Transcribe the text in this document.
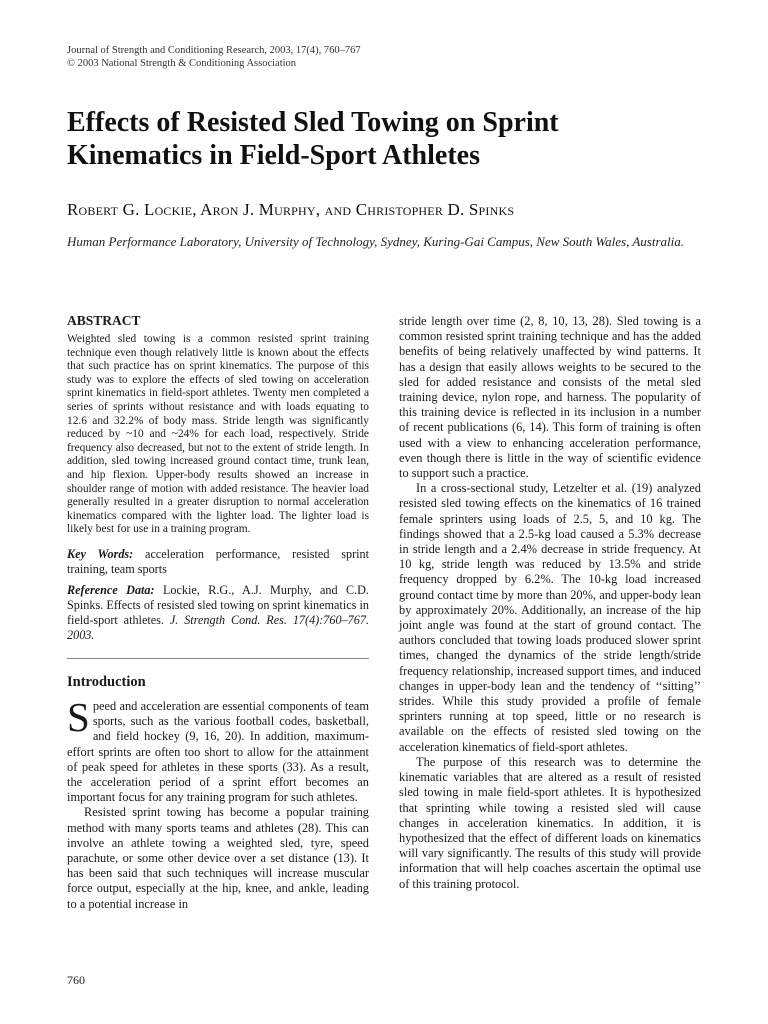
Journal of Strength and Conditioning Research, 2003, 17(4), 760–767
© 2003 National Strength & Conditioning Association
Effects of Resisted Sled Towing on Sprint
Kinematics in Field-Sport Athletes
Robert G. Lockie, Aron J. Murphy, and Christopher D. Spinks
Human Performance Laboratory, University of Technology, Sydney, Kuring-Gai Campus, New South Wales, Australia.
ABSTRACT

Weighted sled towing is a common resisted sprint training technique even though relatively little is known about the effects that such practice has on sprint kinematics. The purpose of this study was to explore the effects of sled towing on acceleration sprint kinematics in field-sport athletes. Twenty men completed a series of sprints without resistance and with loads equating to 12.6 and 32.2% of body mass. Stride length was significantly reduced by ~10 and ~24% for each load, respectively. Stride frequency also decreased, but not to the extent of stride length. In addition, sled towing increased ground contact time, trunk lean, and hip flexion. Upper-body results showed an increase in shoulder range of motion with added resistance. The heavier load generally resulted in a greater disruption to normal acceleration kinematics compared with the lighter load. The lighter load is likely best for use in a training program.

Key Words: acceleration performance, resisted sprint training, team sports

Reference Data: Lockie, R.G., A.J. Murphy, and C.D. Spinks. Effects of resisted sled towing on sprint kinematics in field-sport athletes. J. Strength Cond. Res. 17(4):760–767. 2003.

Introduction

Speed and acceleration are essential components of team sports, such as the various football codes, basketball, and field hockey (9, 16, 20). In addition, maximum-effort sprints are often too short to allow for the attainment of peak speed for athletes in these sports (33). As a result, the acceleration period of a sprint effort becomes an important focus for any training program for such athletes.

Resisted sprint towing has become a popular training method with many sports teams and athletes (28). This can involve an athlete towing a weighted sled, tyre, speed parachute, or some other device over a set distance (13). It has been said that such techniques will increase muscular force output, especially at the hip, knee, and ankle, leading to a potential increase in

stride length over time (2, 8, 10, 13, 28). Sled towing is a common resisted sprint training technique and has the added benefits of being relatively unaffected by wind patterns. It has a design that easily allows weights to be secured to the sled for added resistance and consists of the metal sled training device, nylon rope, and harness. The popularity of this training device is reflected in its inclusion in a number of recent publications (6, 14). This form of training is often used with a view to enhancing acceleration performance, even though there is little in the way of scientific evidence to support such a practice.

In a cross-sectional study, Letzelter et al. (19) analyzed resisted sled towing effects on the kinematics of 16 trained female sprinters using loads of 2.5, 5, and 10 kg. The findings showed that a 2.5-kg load caused a 5.3% decrease in stride length and a 2.4% decrease in stride frequency. At 10 kg, stride length was reduced by 13.5% and stride frequency dropped by 6.2%. The 10-kg load increased ground contact time by more than 20%, and upper-body lean by approximately 20%. Additionally, an increase of the hip joint angle was found at the start of ground contact. The authors concluded that towing loads produced slower sprint times, changed the dynamics of the stride length/stride frequency relationship, increased support times, and induced changes in upper-body lean and the tendency of ‘‘sitting’’ strides. While this study provided a profile of female sprinters running at top speed, little or no research is available on the effects of resisted sled towing on the acceleration kinematics of field-sport athletes.

The purpose of this research was to determine the kinematic variables that are altered as a result of resisted sled towing in male field-sport athletes. It is hypothesized that sprinting while towing a resisted sled will cause changes in acceleration kinematics. In addition, it is hypothesized that the effect of different loads on kinematics will vary significantly. The results of this study will provide information that will help coaches ascertain the optimal use of this training protocol.

760
